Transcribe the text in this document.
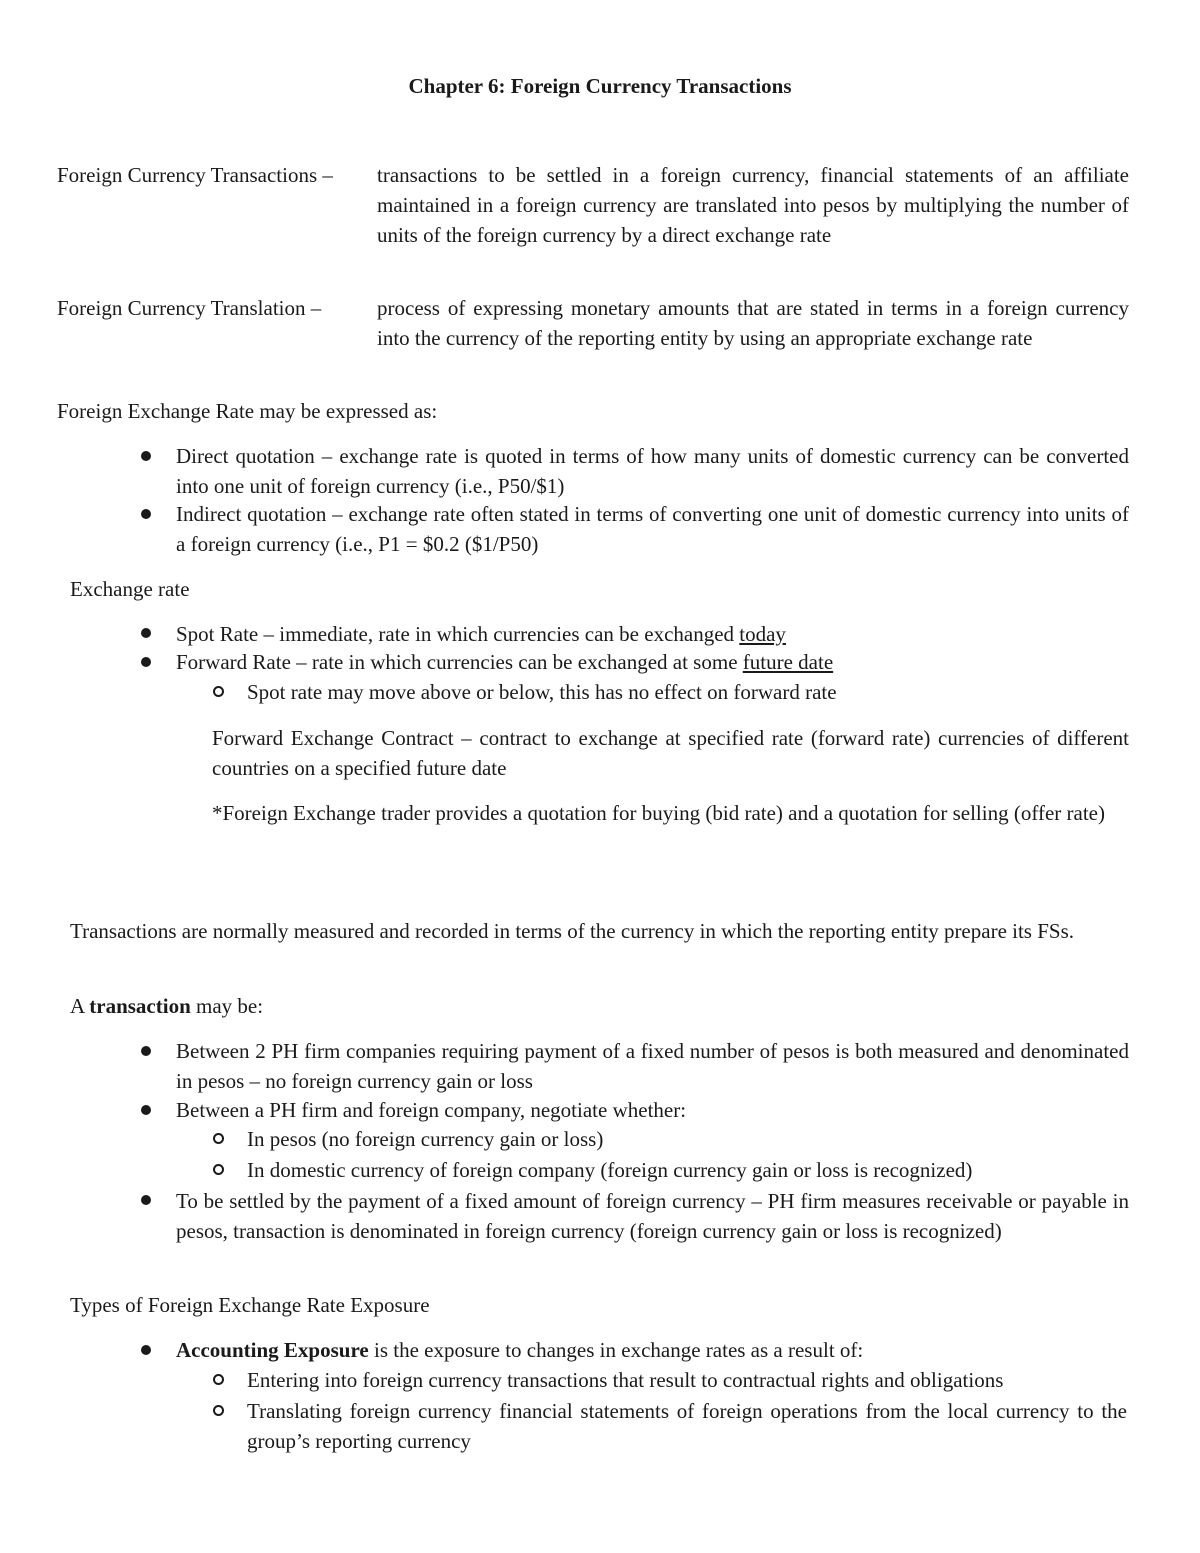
Chapter 6: Foreign Currency Transactions
Foreign Currency Transactions – transactions to be settled in a foreign currency, financial statements of an affiliate maintained in a foreign currency are translated into pesos by multiplying the number of units of the foreign currency by a direct exchange rate
Foreign Currency Translation –	process of expressing monetary amounts that are stated in terms in a foreign currency into the currency of the reporting entity by using an appropriate exchange rate
Foreign Exchange Rate may be expressed as:
Direct quotation – exchange rate is quoted in terms of how many units of domestic currency can be converted into one unit of foreign currency (i.e., P50/$1)
Indirect quotation – exchange rate often stated in terms of converting one unit of domestic currency into units of a foreign currency (i.e., P1 = $0.2 ($1/P50)
Exchange rate
Spot Rate – immediate, rate in which currencies can be exchanged today
Forward Rate – rate in which currencies can be exchanged at some future date
Spot rate may move above or below, this has no effect on forward rate
Forward Exchange Contract – contract to exchange at specified rate (forward rate) currencies of different countries on a specified future date
*Foreign Exchange trader provides a quotation for buying (bid rate) and a quotation for selling (offer rate)
Transactions are normally measured and recorded in terms of the currency in which the reporting entity prepare its FSs.
A transaction may be:
Between 2 PH firm companies requiring payment of a fixed number of pesos is both measured and denominated in pesos – no foreign currency gain or loss
Between a PH firm and foreign company, negotiate whether:
In pesos (no foreign currency gain or loss)
In domestic currency of foreign company (foreign currency gain or loss is recognized)
To be settled by the payment of a fixed amount of foreign currency – PH firm measures receivable or payable in pesos, transaction is denominated in foreign currency (foreign currency gain or loss is recognized)
Types of Foreign Exchange Rate Exposure
Accounting Exposure is the exposure to changes in exchange rates as a result of:
Entering into foreign currency transactions that result to contractual rights and obligations
Translating foreign currency financial statements of foreign operations from the local currency to the group’s reporting currency
